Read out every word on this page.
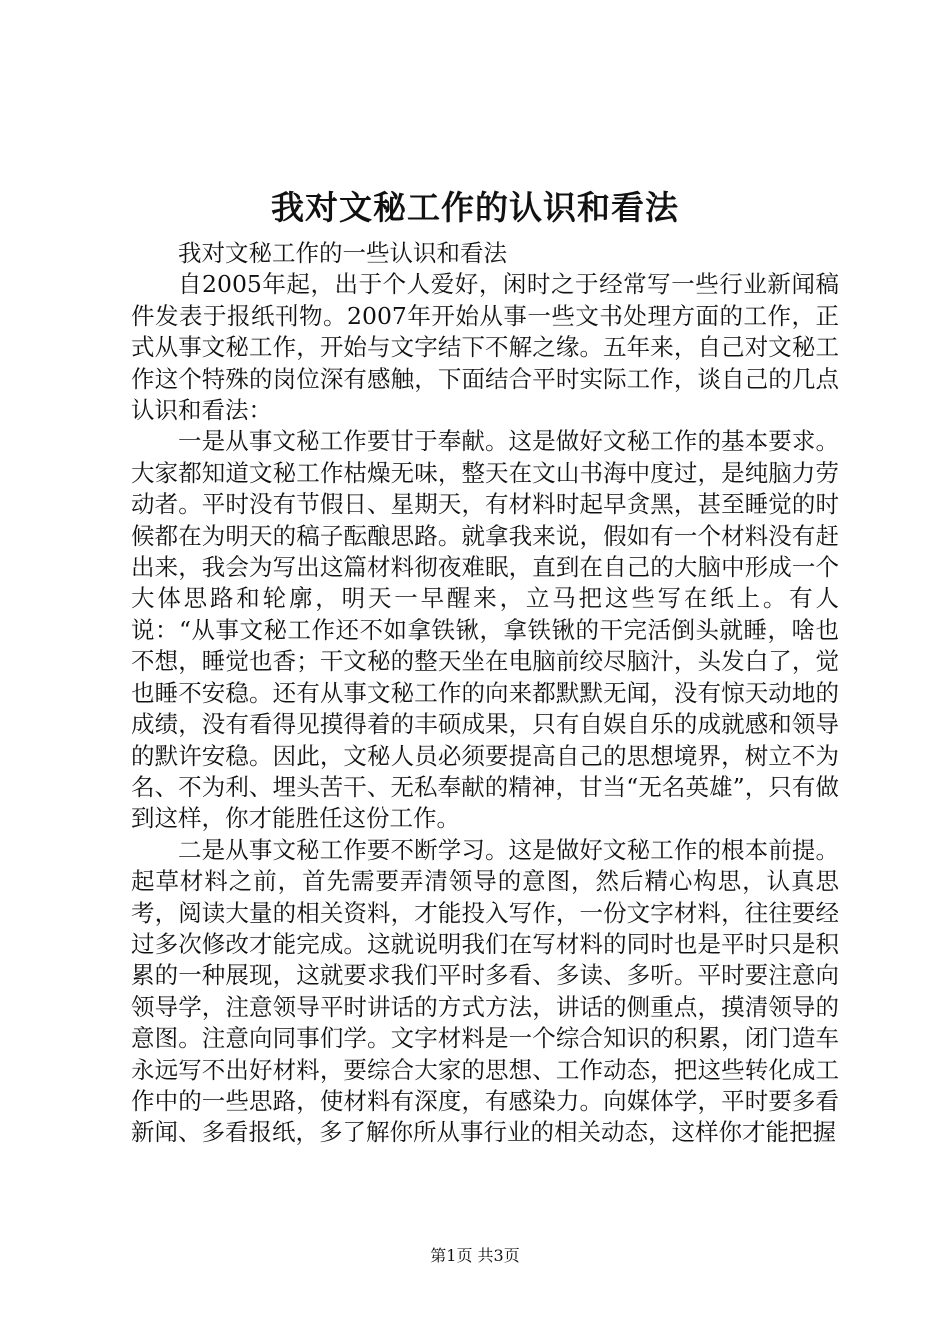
我对文秘工作的认识和看法

我对文秘工作的一些认识和看法

自2005年起，出于个人爱好，闲时之于经常写一些行业新闻稿件发表于报纸刊物。2007年开始从事一些文书处理方面的工作，正式从事文秘工作，开始与文字结下不解之缘。五年来，自己对文秘工作这个特殊的岗位深有感触，下面结合平时实际工作，谈自己的几点认识和看法：

一是从事文秘工作要甘于奉献。这是做好文秘工作的基本要求。大家都知道文秘工作枯燥无味，整天在文山书海中度过，是纯脑力劳动者。平时没有节假日、星期天，有材料时起早贪黑，甚至睡觉的时候都在为明天的稿子酝酿思路。就拿我来说，假如有一个材料没有赶出来，我会为写出这篇材料彻夜难眠，直到在自己的大脑中形成一个大体思路和轮廓，明天一早醒来，立马把这些写在纸上。有人说：“从事文秘工作还不如拿铁锹，拿铁锹的干完活倒头就睡，啥也不想，睡觉也香；干文秘的整天坐在电脑前绞尽脑汁，头发白了，觉也睡不安稳。还有从事文秘工作的向来都默默无闻，没有惊天动地的成绩，没有看得见摸得着的丰硕成果，只有自娱自乐的成就感和领导的默许安稳。因此，文秘人员必须要提高自己的思想境界，树立不为名、不为利、埋头苦干、无私奉献的精神，甘当“无名英雄”，只有做到这样，你才能胜任这份工作。

二是从事文秘工作要不断学习。这是做好文秘工作的根本前提。起草材料之前，首先需要弄清领导的意图，然后精心构思，认真思考，阅读大量的相关资料，才能投入写作，一份文字材料，往往要经过多次修改才能完成。这就说明我们在写材料的同时也是平时只是积累的一种展现，这就要求我们平时多看、多读、多听。平时要注意向领导学，注意领导平时讲话的方式方法，讲话的侧重点，摸清领导的意图。注意向同事们学。文字材料是一个综合知识的积累，闭门造车永远写不出好材料，要综合大家的思想、工作动态，把这些转化成工作中的一些思路，使材料有深度，有感染力。向媒体学，平时要多看新闻、多看报纸，多了解你所从事行业的相关动态，这样你才能把握

第1页 共3页
